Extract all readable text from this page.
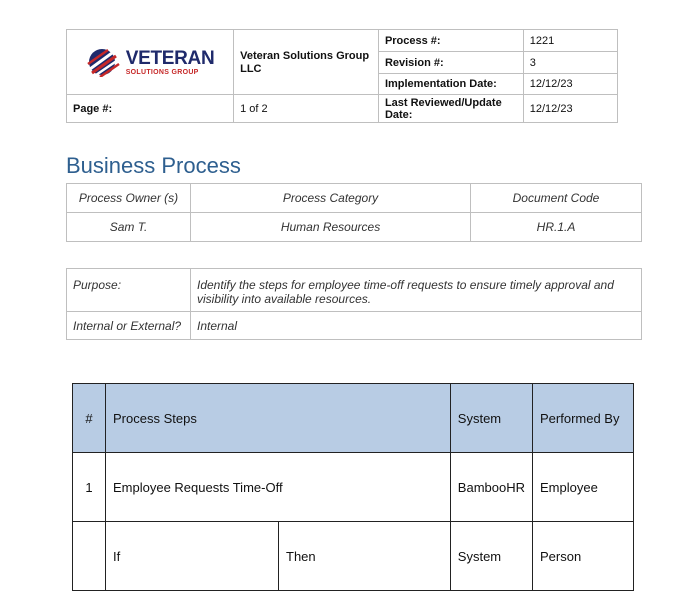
VETERAN
SOLUTIONS GROUP	Veteran Solutions Group LLC	Process #:	1221
		Revision #:	3
		Implementation Date:	12/12/23
Page #:	1 of 2	Last Reviewed/Update Date:	12/12/23
Business Process
Process Owner (s)	Process Category	Document Code
Sam T.	Human Resources	HR.1.A
Purpose:	Identify the steps for employee time-off requests to ensure timely approval and visibility into available resources.
Internal or External?	Internal
#	Process Steps		System	Performed By
1	Employee Requests Time-Off		BambooHR	Employee
	If	Then	System	Person
